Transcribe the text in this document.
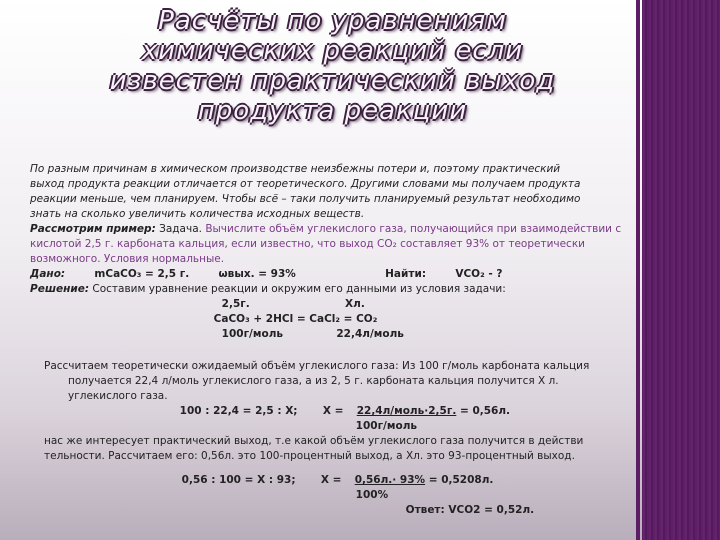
Расчёты по уравнениям
химических реакций если
известен практический выход
продукта реакции

По разным причинам в химическом производстве неизбежны потери и, поэтому практический

выход продукта реакции отличается от теоретического. Другими словами мы получаем продукта

реакции меньше, чем планируем. Чтобы всё – таки получить планируемый результат необходимо

знать на сколько увеличить количества исходных веществ.

Рассмотрим пример: Задача. Вычислите объём углекислого газа, получающийся при взаимодействии с

кислотой 2,5 г. карбоната кальция, если известно, что выход СО₂ составляет 93% от теоретически

возможного. Условия нормальные.

Дано:	mCaCO₃ = 2,5 г.	ωвых. = 93%	Найти:	VCO₂ - ?

Решение: Составим уравнение реакции и окружим его данными из условия задачи:

2,5г.	Xл.

CaCO₃ + 2HCl = CaCl₂ = CO₂

100г/моль	22,4л/моль

Рассчитаем теоретически ожидаемый объём углекислого газа: Из 100 г/моль карбоната кальция

получается 22,4 л/моль углекислого газа, а из 2, 5 г. карбоната кальция получится Х л.

углекислого газа.

100 : 22,4 = 2,5 : X; X = 22,4л/моль·2,5г. = 0,56л.

100г/моль

нас же интересует практический выход, т.е какой объём углекислого газа получится в действи

тельности. Рассчитаем его: 0,56л. это 100-процентный выход, а Хл. это 93-процентный выход.

0,56 : 100 = X : 93; X = 0,56л.· 93% = 0,5208л.

100%

Ответ: VCO2 = 0,52л.
